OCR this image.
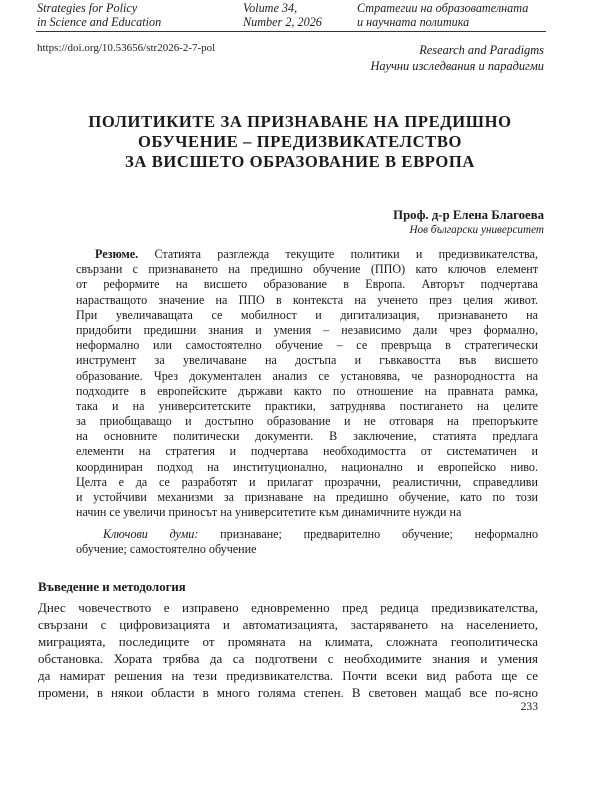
Strategies for Policy
in Science and Education
Volume 34,
Number 2, 2026
Стратегии на образователната
и научната политика
https://doi.org/10.53656/str2026-2-7-pol	Research and Paradigms
Научни изследвания и парадигми
ПОЛИТИКИТЕ ЗА ПРИЗНАВАНЕ НА ПРЕДИШНО
ОБУЧЕНИЕ – ПРЕДИЗВИКАТЕЛСТВО
ЗА ВИСШЕТО ОБРАЗОВАНИЕ В ЕВРОПА
Проф. д-р Елена Благоева
Нов български университет
Резюме. Статията разглежда текущите политики и предизвикателства,
свързани с признаването на предишно обучение (ППО) като ключов елемент
от реформите на висшето образование в Европа. Авторът подчертава
нарастващото значение на ППО в контекста на ученето през целия живот.
При увеличаващата се мобилност и дигитализация, признаването на
придобити предишни знания и умения – независимо дали чрез формално,
неформално или самостоятелно обучение – се превръща в стратегически
инструмент за увеличаване на достъпа и гъвкавостта във висшето
образование. Чрез документален анализ се установява, че разнородността на
подходите в европейските държави както по отношение на правната рамка,
така и на университетските практики, затруднява постигането на целите
за приобщаващо и достъпно образование и не отговаря на препоръките
на основните политически документи. В заключение, статията предлага
елементи на стратегия и подчертава необходимостта от систематичен и
координиран подход на институционално, национално и европейско ниво.
Целта е да се разработят и прилагат прозрачни, реалистични, справедливи
и устойчиви механизми за признаване на предишно обучение, като по този
начин се увеличи приносът на университетите към динамичните нужди на
Ключови думи: признаване; предварително обучение; неформално
обучение; самостоятелно обучение
Въведение и методология
Днес човечеството е изправено едновременно пред редица предизвикателства,
свързани с цифровизацията и автоматизацията, застаряването на населението,
миграцията, последиците от промяната на климата, сложната геополитическа
обстановка. Хората трябва да са подготвени с необходимите знания и умения
да намират решения на тези предизвикателства. Почти всеки вид работа ще се
промени, в някои области в много голяма степен. В световен мащаб все по-ясно
233
